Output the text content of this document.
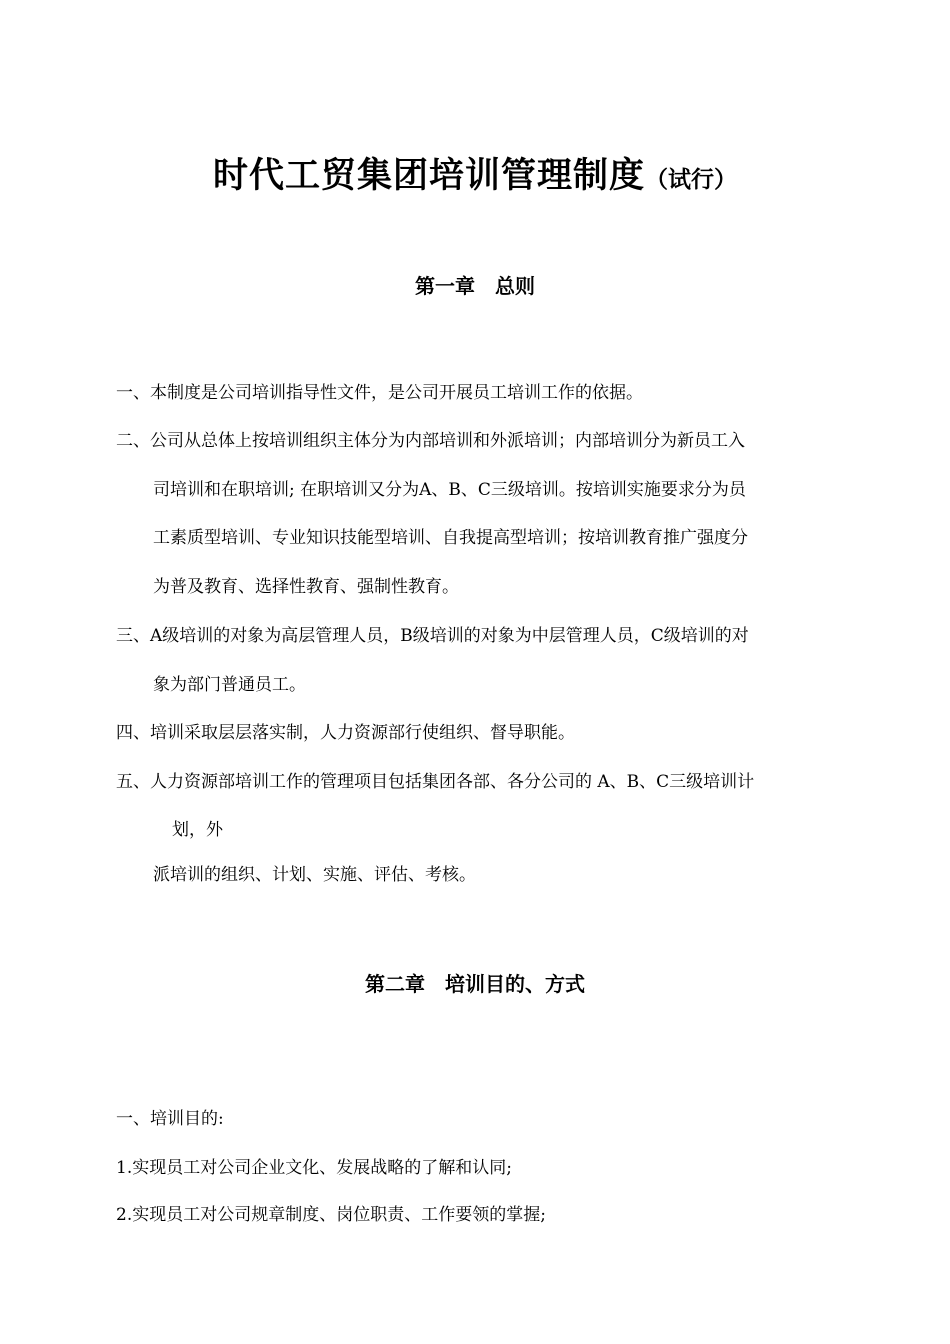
时代工贸集团培训管理制度（试行）
第一章　总则
一、本制度是公司培训指导性文件，是公司开展员工培训工作的依据。
二、公司从总体上按培训组织主体分为内部培训和外派培训；内部培训分为新员工入
司培训和在职培训; 在职培训又分为A、B、C三级培训。按培训实施要求分为员
工素质型培训、专业知识技能型培训、自我提高型培训；按培训教育推广强度分
为普及教育、选择性教育、强制性教育。
三、A级培训的对象为高层管理人员，B级培训的对象为中层管理人员，C级培训的对
象为部门普通员工。
四、培训采取层层落实制，人力资源部行使组织、督导职能。
五、人力资源部培训工作的管理项目包括集团各部、各分公司的 A、B、C三级培训计
划，外
派培训的组织、计划、实施、评估、考核。
第二章　培训目的、方式
一、培训目的:
1.实现员工对公司企业文化、发展战略的了解和认同;
2.实现员工对公司规章制度、岗位职责、工作要领的掌握;
